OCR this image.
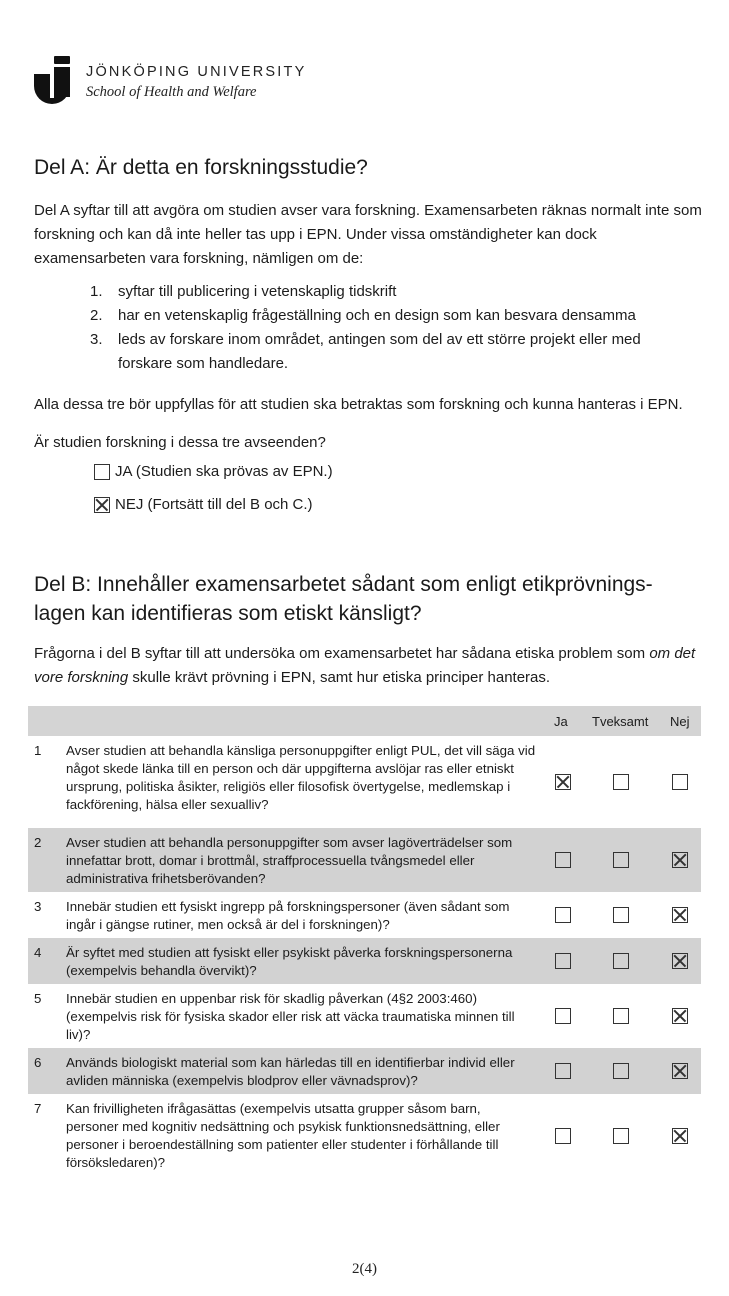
JÖNKÖPING UNIVERSITY
School of Health and Welfare
Del A: Är detta en forskningsstudie?
Del A syftar till att avgöra om studien avser vara forskning. Examensarbeten räknas normalt inte som forskning och kan då inte heller tas upp i EPN. Under vissa omständigheter kan dock examensarbeten vara forskning, nämligen om de:
1. syftar till publicering i vetenskaplig tidskrift
2. har en vetenskaplig frågeställning och en design som kan besvara densamma
3. leds av forskare inom området, antingen som del av ett större projekt eller med forskare som handledare.
Alla dessa tre bör uppfyllas för att studien ska betraktas som forskning och kunna hanteras i EPN.
Är studien forskning i dessa tre avseenden?
JA (Studien ska prövas av EPN.)
NEJ (Fortsätt till del B och C.)
Del B: Innehåller examensarbetet sådant som enligt etikprövnings-lagen kan identifieras som etiskt känsligt?
Frågorna i del B syftar till att undersöka om examensarbetet har sådana etiska problem som om det vore forskning skulle krävt prövning i EPN, samt hur etiska principer hanteras.
Ja Tveksamt Nej
1 Avser studien att behandla känsliga personuppgifter enligt PUL, det vill säga vid något skede länka till en person och där uppgifterna avslöjar ras eller etniskt ursprung, politiska åsikter, religiös eller filosofisk övertygelse, medlemskap i fackförening, hälsa eller sexualliv?
2 Avser studien att behandla personuppgifter som avser lagöverträdelser som innefattar brott, domar i brottmål, straffprocessuella tvångsmedel eller administrativa frihetsberövanden?
3 Innebär studien ett fysiskt ingrepp på forskningspersoner (även sådant som ingår i gängse rutiner, men också är del i forskningen)?
4 Är syftet med studien att fysiskt eller psykiskt påverka forskningspersonerna (exempelvis behandla övervikt)?
5 Innebär studien en uppenbar risk för skadlig påverkan (4§2 2003:460) (exempelvis risk för fysiska skador eller risk att väcka traumatiska minnen till liv)?
6 Används biologiskt material som kan härledas till en identifierbar individ eller avliden människa (exempelvis blodprov eller vävnadsprov)?
7 Kan frivilligheten ifrågasättas (exempelvis utsatta grupper såsom barn, personer med kognitiv nedsättning och psykisk funktionsnedsättning, eller personer i beroendeställning som patienter eller studenter i förhållande till försöksledaren)?
2(4)
